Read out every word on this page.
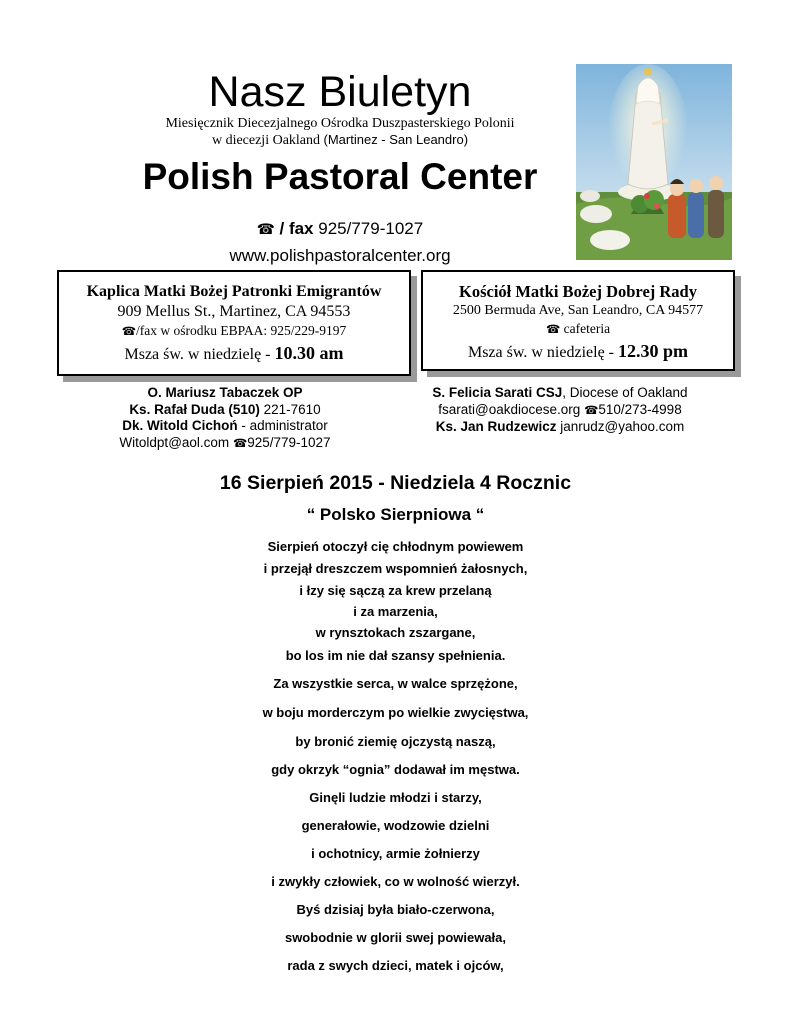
Nasz Biuletyn
Miesięcznik Diecezjalnego Ośrodka Duszpasterskiego Polonii
w diecezji Oakland (Martinez - San Leandro)
Polish Pastoral Center
☎ / fax 925/779-1027
www.polishpastoralcenter.org
Kaplica Matki Bożej Patronki Emigrantów
909 Mellus St., Martinez, CA 94553
☎/fax w ośrodku EBPAA: 925/229-9197
Msza św. w niedzielę - 10.30 am
Kościół Matki Bożej Dobrej Rady
2500 Bermuda Ave, San Leandro, CA 94577
☎ cafeteria
Msza św. w niedzielę - 12.30 pm
O. Mariusz Tabaczek OP
Ks. Rafał Duda (510) 221-7610
Dk. Witold Cichoń - administrator
Witoldpt@aol.com ☎925/779-1027
S. Felicia Sarati CSJ, Diocese of Oakland
fsarati@oakdiocese.org ☎510/273-4998
Ks. Jan Rudzewicz janrudz@yahoo.com
16 Sierpień 2015 - Niedziela 4 Rocznic
“ Polsko Sierpniowa “
Sierpień otoczył cię chłodnym powiewem
i przejął dreszczem wspomnień żałosnych,
i łzy się sączą za krew przelaną
i za marzenia,
w rynsztokach zszargane,
bo los im nie dał szansy spełnienia.
Za wszystkie serca, w walce sprzężone,
w boju morderczym po wielkie zwycięstwa,
by bronić ziemię ojczystą naszą,
gdy okrzyk “ognia” dodawał im męstwa.
Ginęli ludzie młodzi i starzy,
generałowie, wodzowie dzielni
i ochotnicy, armie żołnierzy
i zwykły człowiek, co w wolność wierzył.
Byś dzisiaj była biało-czerwona,
swobodnie w glorii swej powiewała,
rada z swych dzieci, matek i ojców,
